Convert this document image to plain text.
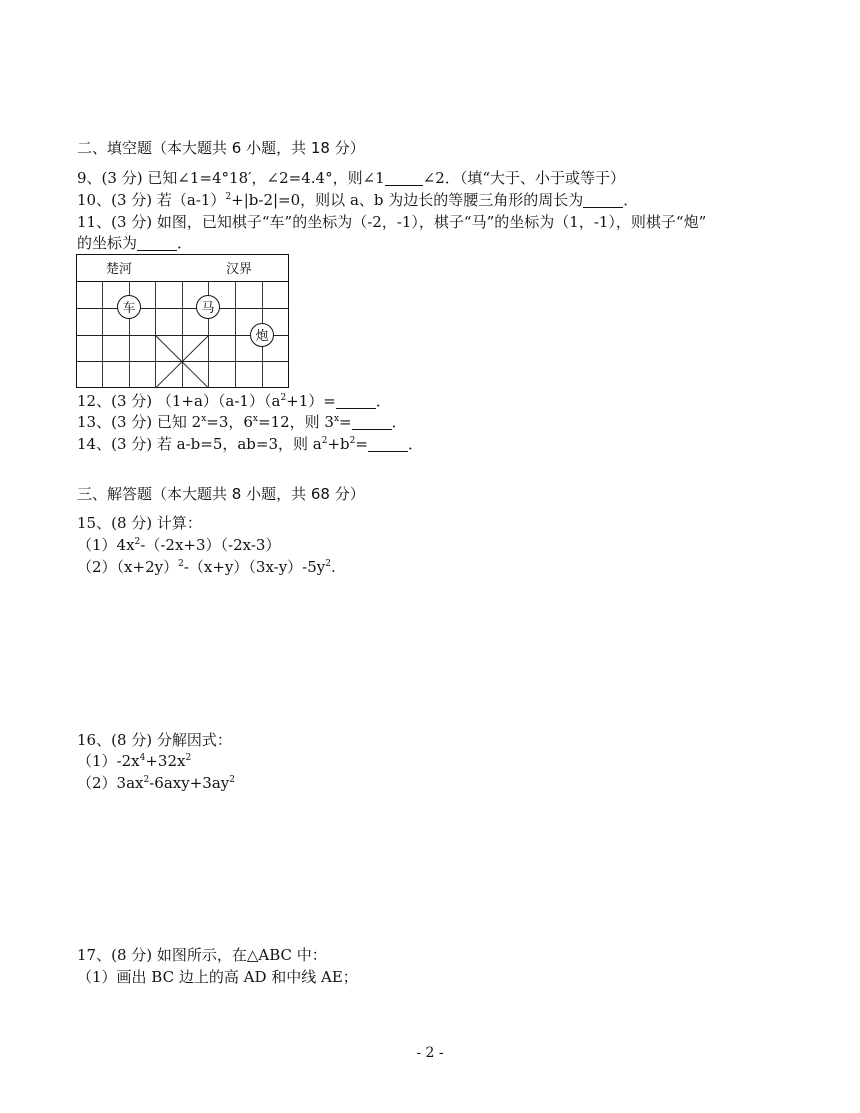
二、填空题（本大题共 6 小题，共 18 分）
9、(3 分) 已知∠1=4°18′，∠2=4.4°，则∠1	∠2．（填“大于、小于或等于）
10、(3 分) 若$(a-1)^2+|b-2|=0$，则以 a、b 为边长的等腰三角形的周长为	．
11、(3 分) 如图，已知棋子“车”的坐标为（-2，-1），棋子“马”的坐标为（1，-1），则棋子“炮”
的坐标为	．
楚河	汉界
车	马
炮
12、(3 分) $(1+a)(a-1)(a^2+1)=$	．
13、(3 分) 已知 $2^x=3$，$6^x=12$，则 $3^x=$	．
14、(3 分) 若 a-b=5，ab=3，则 $a^2+b^2=$	．
三、解答题（本大题共 8 小题，共 68 分）
15、(8 分) 计算：
$(1)4x^2-(-2x+3)(-2x-3)$
$(2)(x+2y)^2-(x+y)(3x-y)-5y^2$.
16、(8 分) 分解因式：
$(1)-2x^4+32x^2$
$(2)3ax^2-6axy+3ay^2$
17、(8 分) 如图所示，在△ABC 中：
（1）画出 BC 边上的高 AD 和中线 AE；
- 2 -
